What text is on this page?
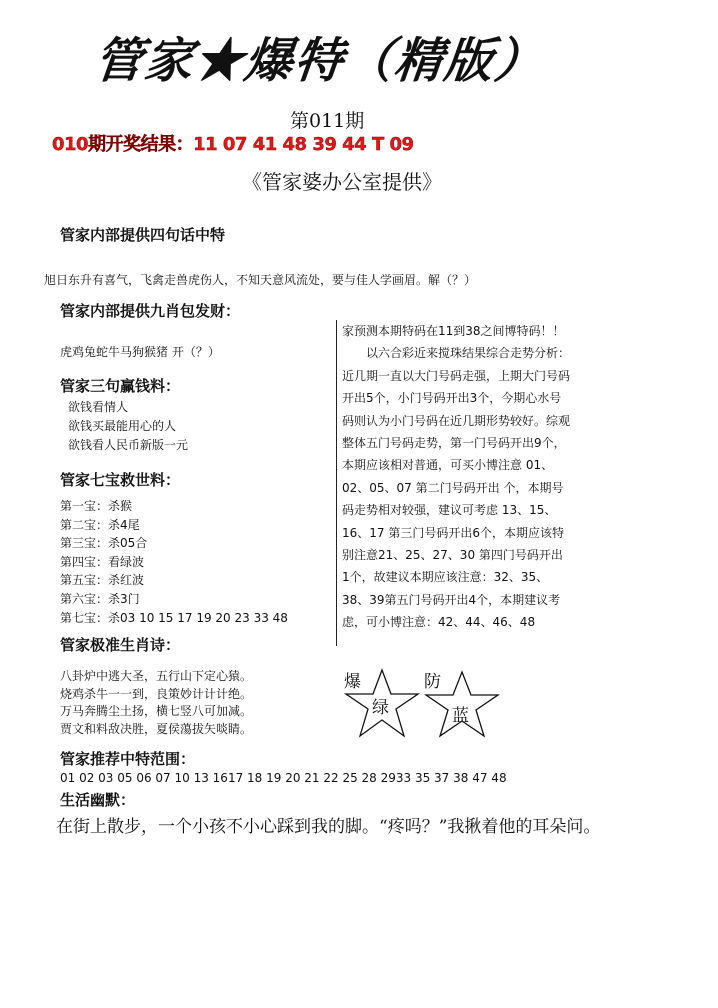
管家★爆特（精版）
第011期
010期开奖结果：11 07 41 48 39 44 T 09
《管家婆办公室提供》
管家内部提供四句话中特
旭日东升有喜气，飞禽走兽虎伤人，不知天意风流处，要与佳人学画眉。解（？）
管家内部提供九肖包发财：
虎鸡兔蛇牛马狗猴猪 开（？）
管家三句赢钱料：
欲钱看情人
欲钱买最能用心的人
欲钱看人民币新版一元
管家七宝救世料：
第一宝：杀猴
第二宝：杀4尾
第三宝：杀05合
第四宝：看绿波
第五宝：杀红波
第六宝：杀3门
第七宝：杀03 10 15 17 19 20 23 33 48
管家极准生肖诗：
八卦炉中逃大圣，五行山下定心猿。
烧鸡杀牛一一到，良策妙计计计绝。
万马奔腾尘土扬，横七竖八可加减。
贾文和料敌决胜，夏侯蕩拔矢啖睛。

家预测本期特码在11到38之间博特码！！

以六合彩近来搅珠结果综合走势分析：近几期一直以大门号码走强，上期大门号码开出5个，小门号码开出3个，今期心水号码则认为小门号码在近几期形势较好。综观整体五门号码走势，第一门号码开出9个，本期应该相对普通，可买小博注意 01、02、05、07 第二门号码开出 个，本期号码走势相对较强，建议可考虑 13、15、16、17 第三门号码开出6个，本期应该特别注意21、25、27、30 第四门号码开出1个，故建议本期应该注意：32、35、38、39第五门号码开出4个，本期建议考虑，可小博注意：42、44、46、48

爆
绿
防
蓝
管家推荐中特范围：
01 02 03 05 06 07 10 13 1617 18 19 20 21 22 25 28 2933 35 37 38 47 48
生活幽默：
在街上散步，一个小孩不小心踩到我的脚。“疼吗？”我揪着他的耳朵问。
